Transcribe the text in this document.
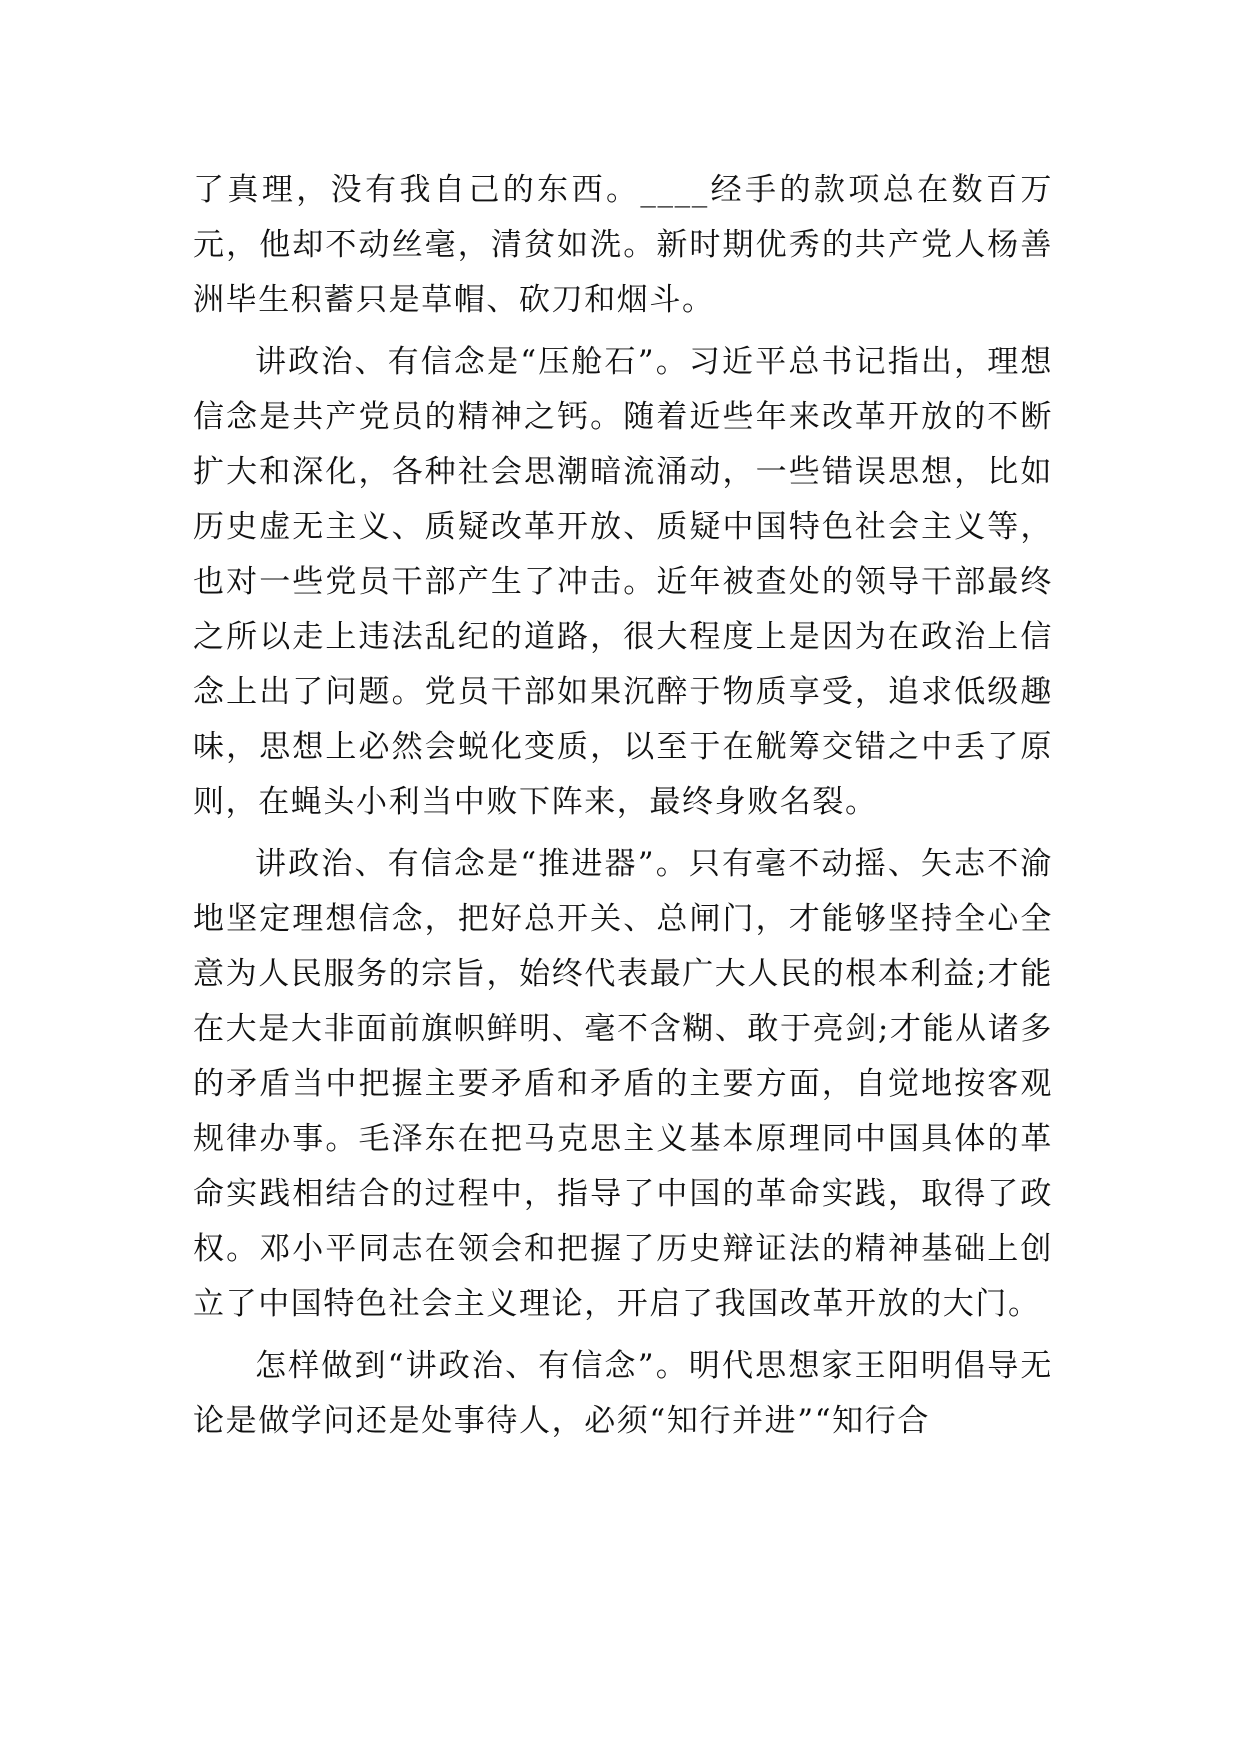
了真理，没有我自己的东西。____经手的款项总在数百万元，他却不动丝毫，清贫如洗。新时期优秀的共产党人杨善洲毕生积蓄只是草帽、砍刀和烟斗。

讲政治、有信念是“压舱石”。习近平总书记指出，理想信念是共产党员的精神之钙。随着近些年来改革开放的不断扩大和深化，各种社会思潮暗流涌动，一些错误思想，比如历史虚无主义、质疑改革开放、质疑中国特色社会主义等，也对一些党员干部产生了冲击。近年被查处的领导干部最终之所以走上违法乱纪的道路，很大程度上是因为在政治上信念上出了问题。党员干部如果沉醉于物质享受，追求低级趣味，思想上必然会蜕化变质，以至于在觥筹交错之中丢了原则，在蝇头小利当中败下阵来，最终身败名裂。

讲政治、有信念是“推进器”。只有毫不动摇、矢志不渝地坚定理想信念，把好总开关、总闸门，才能够坚持全心全意为人民服务的宗旨，始终代表最广大人民的根本利益;才能在大是大非面前旗帜鲜明、毫不含糊、敢于亮剑;才能从诸多的矛盾当中把握主要矛盾和矛盾的主要方面，自觉地按客观规律办事。毛泽东在把马克思主义基本原理同中国具体的革命实践相结合的过程中，指导了中国的革命实践，取得了政权。邓小平同志在领会和把握了历史辩证法的精神基础上创立了中国特色社会主义理论，开启了我国改革开放的大门。

怎样做到“讲政治、有信念”。明代思想家王阳明倡导无论是做学问还是处事待人，必须“知行并进”“知行合
